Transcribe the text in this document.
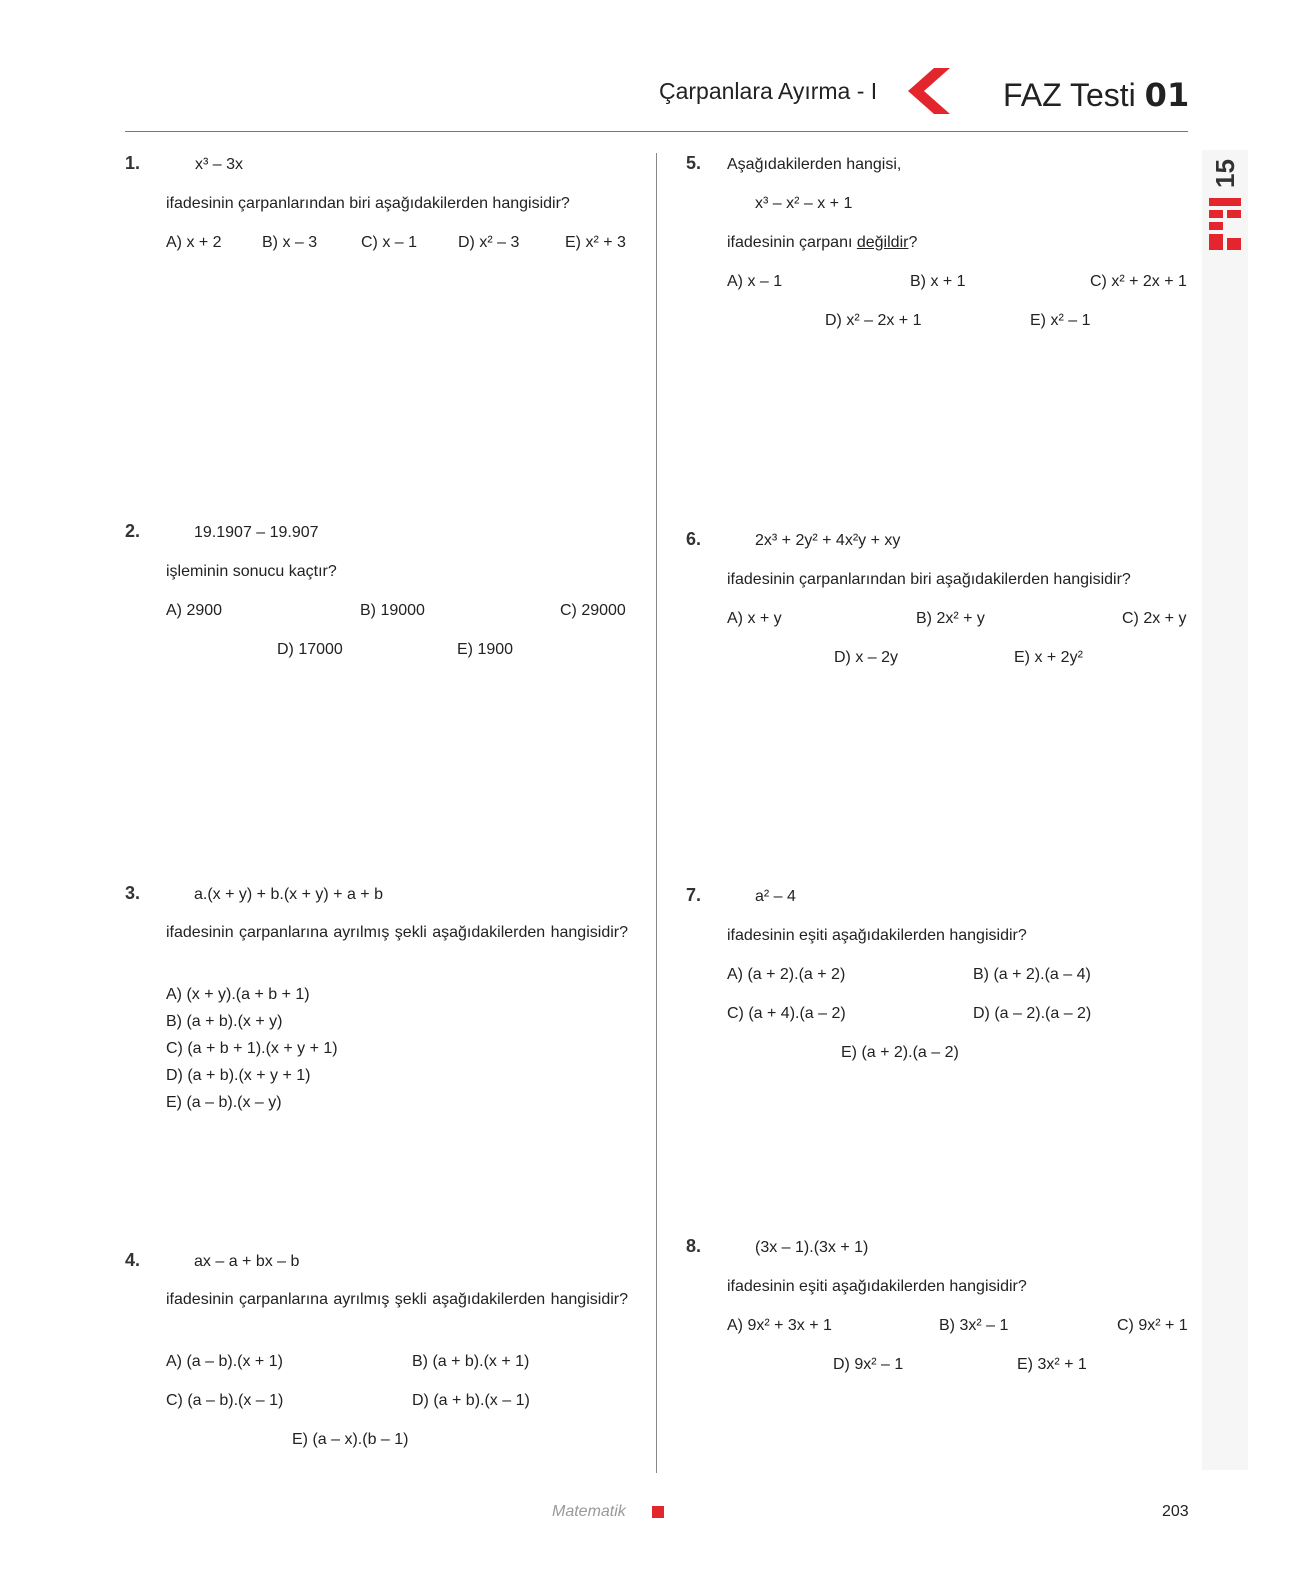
Çarpanlara Ayırma - I	FAZ Testi 01
15
1.	x³ – 3x
ifadesinin çarpanlarından biri aşağıdakilerden hangisidir?
A) x + 2	B) x – 3	C) x – 1	D) x² – 3	E) x² + 3
2.	19.1907 – 19.907
işleminin sonucu kaçtır?
A) 2900	B) 19000	C) 29000
D) 17000	E) 1900
3.	a.(x + y) + b.(x + y) + a + b
ifadesinin çarpanlarına ayrılmış şekli aşağıdakilerden hangisidir?
A) (x + y).(a + b + 1)
B) (a + b).(x + y)
C) (a + b + 1).(x + y + 1)
D) (a + b).(x + y + 1)
E) (a – b).(x – y)
4.	ax – a + bx – b
ifadesinin çarpanlarına ayrılmış şekli aşağıdakilerden hangisidir?
A) (a – b).(x + 1)	B) (a + b).(x + 1)
C) (a – b).(x – 1)	D) (a + b).(x – 1)
E) (a – x).(b – 1)
5. Aşağıdakilerden hangisi,
x³ – x² – x + 1
ifadesinin çarpanı değildir?
A) x – 1	B) x + 1	C) x² + 2x + 1
D) x² – 2x + 1	E) x² – 1
6.	2x³ + 2y² + 4x²y + xy
ifadesinin çarpanlarından biri aşağıdakilerden hangisidir?
A) x + y	B) 2x² + y	C) 2x + y
D) x – 2y	E) x + 2y²
7.	a² – 4
ifadesinin eşiti aşağıdakilerden hangisidir?
A) (a + 2).(a + 2)	B) (a + 2).(a – 4)
C) (a + 4).(a – 2)	D) (a – 2).(a – 2)
E) (a + 2).(a – 2)
8.	(3x – 1).(3x + 1)
ifadesinin eşiti aşağıdakilerden hangisidir?
A) 9x² + 3x + 1	B) 3x² – 1	C) 9x² + 1
D) 9x² – 1	E) 3x² + 1
Matematik	203
